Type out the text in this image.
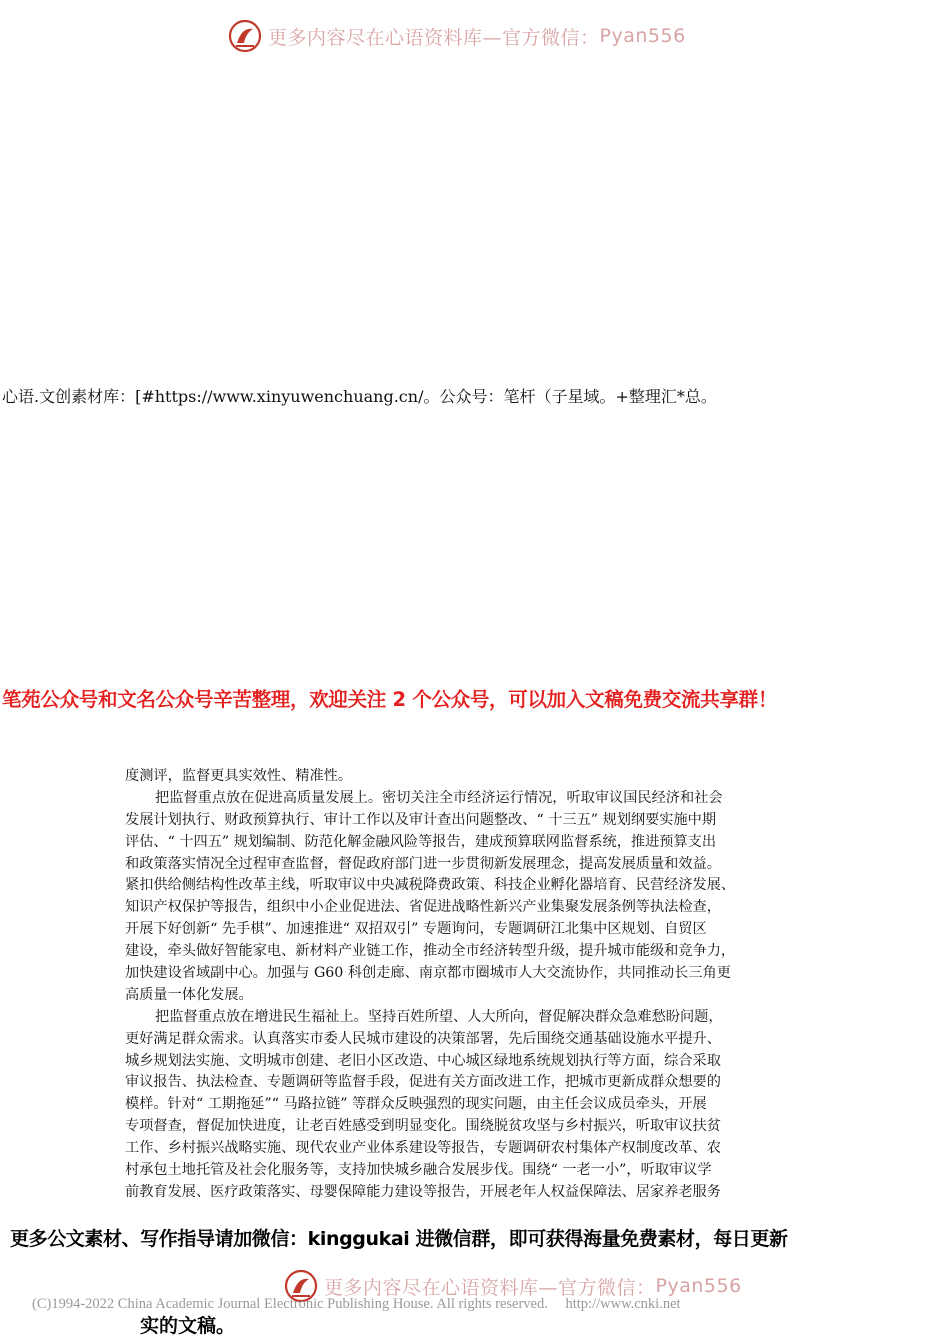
更多内容尽在心语资料库—官方微信： Pyan556
心语.文创素材库：[#https://www.xinyuwenchuang.cn/。公众号：笔杆（子星域。+整理汇*总。
笔苑公众号和文名公众号辛苦整理，欢迎关注 2 个公众号，可以加入文稿免费交流共享群！
度测评，监督更具实效性、精准性。
把监督重点放在促进高质量发展上。密切关注全市经济运行情况，听取审议国民经济和社会
发展计划执行、财政预算执行、审计工作以及审计查出问题整改、“ 十三五” 规划纲要实施中期
评估、“ 十四五” 规划编制、防范化解金融风险等报告，建成预算联网监督系统，推进预算支出
和政策落实情况全过程审查监督，督促政府部门进一步贯彻新发展理念，提高发展质量和效益。
紧扣供给侧结构性改革主线，听取审议中央减税降费政策、科技企业孵化器培育、民营经济发展、
知识产权保护等报告，组织中小企业促进法、省促进战略性新兴产业集聚发展条例等执法检查，
开展下好创新“ 先手棋”、加速推进“ 双招双引” 专题询问，专题调研江北集中区规划、自贸区
建设，牵头做好智能家电、新材料产业链工作，推动全市经济转型升级，提升城市能级和竞争力，
加快建设省域副中心。加强与 G60 科创走廊、南京都市圈城市人大交流协作，共同推动长三角更
高质量一体化发展。
把监督重点放在增进民生福祉上。坚持百姓所望、人大所向，督促解决群众急难愁盼问题，
更好满足群众需求。认真落实市委人民城市建设的决策部署，先后围绕交通基础设施水平提升、
城乡规划法实施、文明城市创建、老旧小区改造、中心城区绿地系统规划执行等方面，综合采取
审议报告、执法检查、专题调研等监督手段，促进有关方面改进工作，把城市更新成群众想要的
模样。针对“ 工期拖延”“ 马路拉链” 等群众反映强烈的现实问题，由主任会议成员牵头，开展
专项督查，督促加快进度，让老百姓感受到明显变化。围绕脱贫攻坚与乡村振兴，听取审议扶贫
工作、乡村振兴战略实施、现代农业产业体系建设等报告，专题调研农村集体产权制度改革、农
村承包土地托管及社会化服务等，支持加快城乡融合发展步伐。围绕“ 一老一小”，听取审议学
前教育发展、医疗政策落实、母婴保障能力建设等报告，开展老年人权益保障法、居家养老服务
更多公文素材、写作指导请加微信：kinggukai 进微信群，即可获得海量免费素材，每日更新
更多内容尽在心语资料库—官方微信： Pyan556
实的文稿。
(C)1994-2022 China Academic Journal Electronic Publishing House. All rights reserved. http://www.cnki.net
